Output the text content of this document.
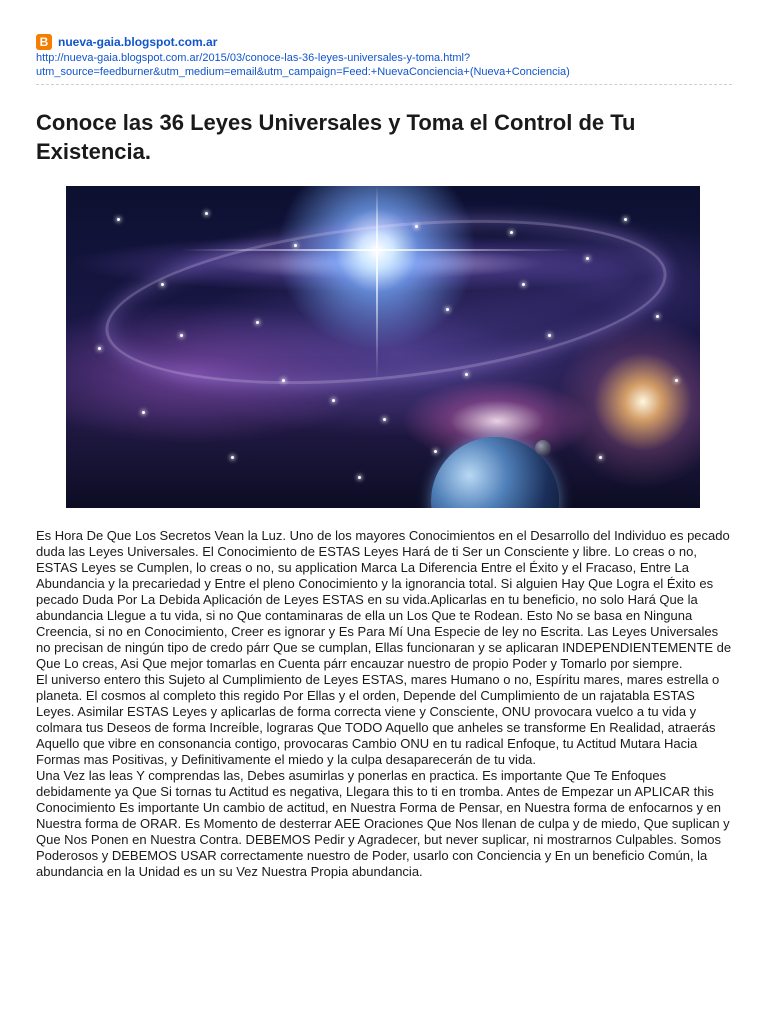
B nueva-gaia.blogspot.com.ar
http://nueva-gaia.blogspot.com.ar/2015/03/conoce-las-36-leyes-universales-y-toma.html?
utm_source=feedburner&utm_medium=email&utm_campaign=Feed:+NuevaConciencia+(Nueva+Conciencia)
Conoce las 36 Leyes Universales y Toma el Control de Tu Existencia.

Es Hora De Que Los Secretos Vean la Luz. Uno de los mayores Conocimientos en el Desarrollo del Individuo es pecado duda las Leyes Universales. El Conocimiento de ESTAS Leyes Hará de ti Ser un Consciente y libre. Lo creas o no, ESTAS Leyes se Cumplen, lo creas o no, su application Marca La Diferencia Entre el Éxito y el Fracaso, Entre La Abundancia y la precariedad y Entre el pleno Conocimiento y la ignorancia total. Si alguien Hay Que Logra el Éxito es pecado Duda Por La Debida Aplicación de Leyes ESTAS en su vida.Aplicarlas en tu beneficio, no solo Hará Que la abundancia Llegue a tu vida, si no Que contaminaras de ella un Los Que te Rodean. Esto No se basa en Ninguna Creencia, si no en Conocimiento, Creer es ignorar y Es Para Mí Una Especie de ley no Escrita. Las Leyes Universales no precisan de ningún tipo de credo párr Que se cumplan, Ellas funcionaran y se aplicaran INDEPENDIENTEMENTE de Que Lo creas, Asi Que mejor tomarlas en Cuenta párr encauzar nuestro de propio Poder y Tomarlo por siempre.

El universo entero this Sujeto al Cumplimiento de Leyes ESTAS, mares Humano o no, Espíritu mares, mares estrella o planeta. El cosmos al completo this regido Por Ellas y el orden, Depende del Cumplimiento de un rajatabla ESTAS Leyes. Asimilar ESTAS Leyes y aplicarlas de forma correcta viene y Consciente, ONU provocara vuelco a tu vida y colmara tus Deseos de forma Increíble, lograras Que TODO Aquello que anheles se transforme En Realidad, atraerás Aquello que vibre en consonancia contigo, provocaras Cambio ONU en tu radical Enfoque, tu Actitud Mutara Hacia Formas mas Positivas, y Definitivamente el miedo y la culpa desaparecerán de tu vida.

Una Vez las leas Y comprendas las, Debes asumirlas y ponerlas en practica. Es importante Que Te Enfoques debidamente ya Que Si tornas tu Actitud es negativa, Llegara this to ti en tromba. Antes de Empezar un APLICAR this Conocimiento Es importante Un cambio de actitud, en Nuestra Forma de Pensar, en Nuestra forma de enfocarnos y en Nuestra forma de ORAR. Es Momento de desterrar AEE Oraciones Que Nos llenan de culpa y de miedo, Que suplican y Que Nos Ponen en Nuestra Contra. DEBEMOS Pedir y Agradecer, but never suplicar, ni mostrarnos Culpables. Somos Poderosos y DEBEMOS USAR correctamente nuestro de Poder, usarlo con Conciencia y En un beneficio Común, la abundancia en la Unidad es un su Vez Nuestra Propia abundancia.
